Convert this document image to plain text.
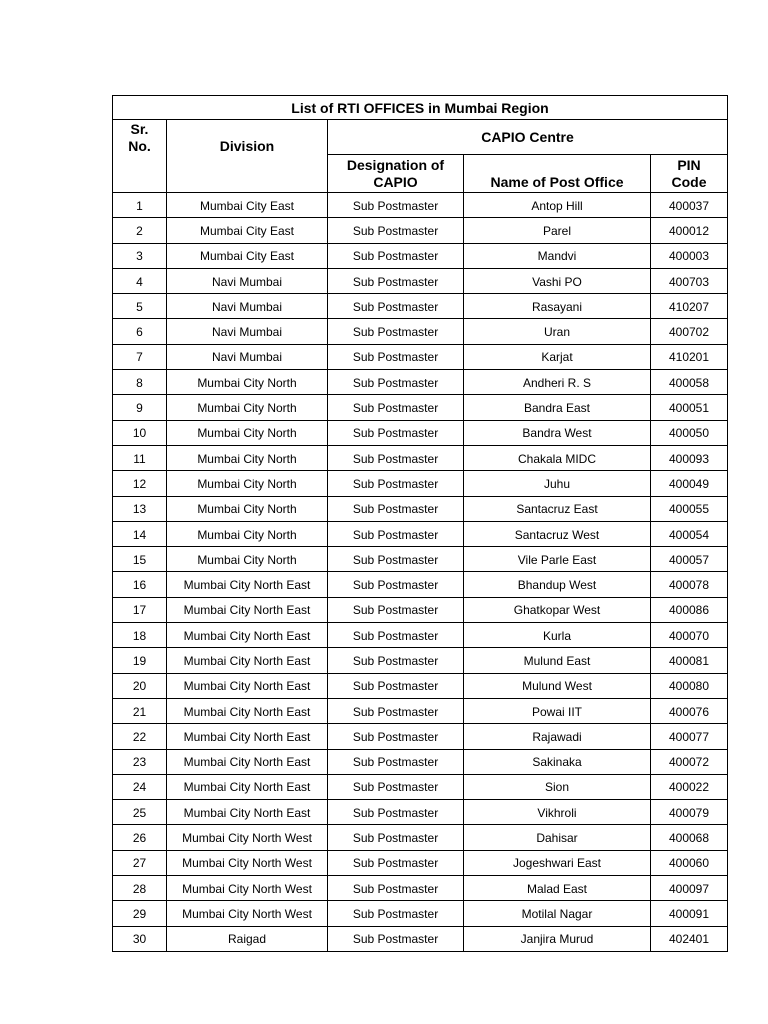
List of RTI OFFICES in Mumbai Region				
Sr. No.	Division	CAPIO Centre		
		Designation of CAPIO	Name of Post Office	PIN Code
1	Mumbai City East	Sub Postmaster	Antop Hill	400037
2	Mumbai City East	Sub Postmaster	Parel	400012
3	Mumbai City East	Sub Postmaster	Mandvi	400003
4	Navi Mumbai	Sub Postmaster	Vashi PO	400703
5	Navi Mumbai	Sub Postmaster	Rasayani	410207
6	Navi Mumbai	Sub Postmaster	Uran	400702
7	Navi Mumbai	Sub Postmaster	Karjat	410201
8	Mumbai City North	Sub Postmaster	Andheri R. S	400058
9	Mumbai City North	Sub Postmaster	Bandra East	400051
10	Mumbai City North	Sub Postmaster	Bandra West	400050
11	Mumbai City North	Sub Postmaster	Chakala MIDC	400093
12	Mumbai City North	Sub Postmaster	Juhu	400049
13	Mumbai City North	Sub Postmaster	Santacruz East	400055
14	Mumbai City North	Sub Postmaster	Santacruz West	400054
15	Mumbai City North	Sub Postmaster	Vile Parle East	400057
16	Mumbai City North East	Sub Postmaster	Bhandup West	400078
17	Mumbai City North East	Sub Postmaster	Ghatkopar West	400086
18	Mumbai City North East	Sub Postmaster	Kurla	400070
19	Mumbai City North East	Sub Postmaster	Mulund East	400081
20	Mumbai City North East	Sub Postmaster	Mulund West	400080
21	Mumbai City North East	Sub Postmaster	Powai IIT	400076
22	Mumbai City North East	Sub Postmaster	Rajawadi	400077
23	Mumbai City North East	Sub Postmaster	Sakinaka	400072
24	Mumbai City North East	Sub Postmaster	Sion	400022
25	Mumbai City North East	Sub Postmaster	Vikhroli	400079
26	Mumbai City North West	Sub Postmaster	Dahisar	400068
27	Mumbai City North West	Sub Postmaster	Jogeshwari East	400060
28	Mumbai City North West	Sub Postmaster	Malad East	400097
29	Mumbai City North West	Sub Postmaster	Motilal Nagar	400091
30	Raigad	Sub Postmaster	Janjira Murud	402401
